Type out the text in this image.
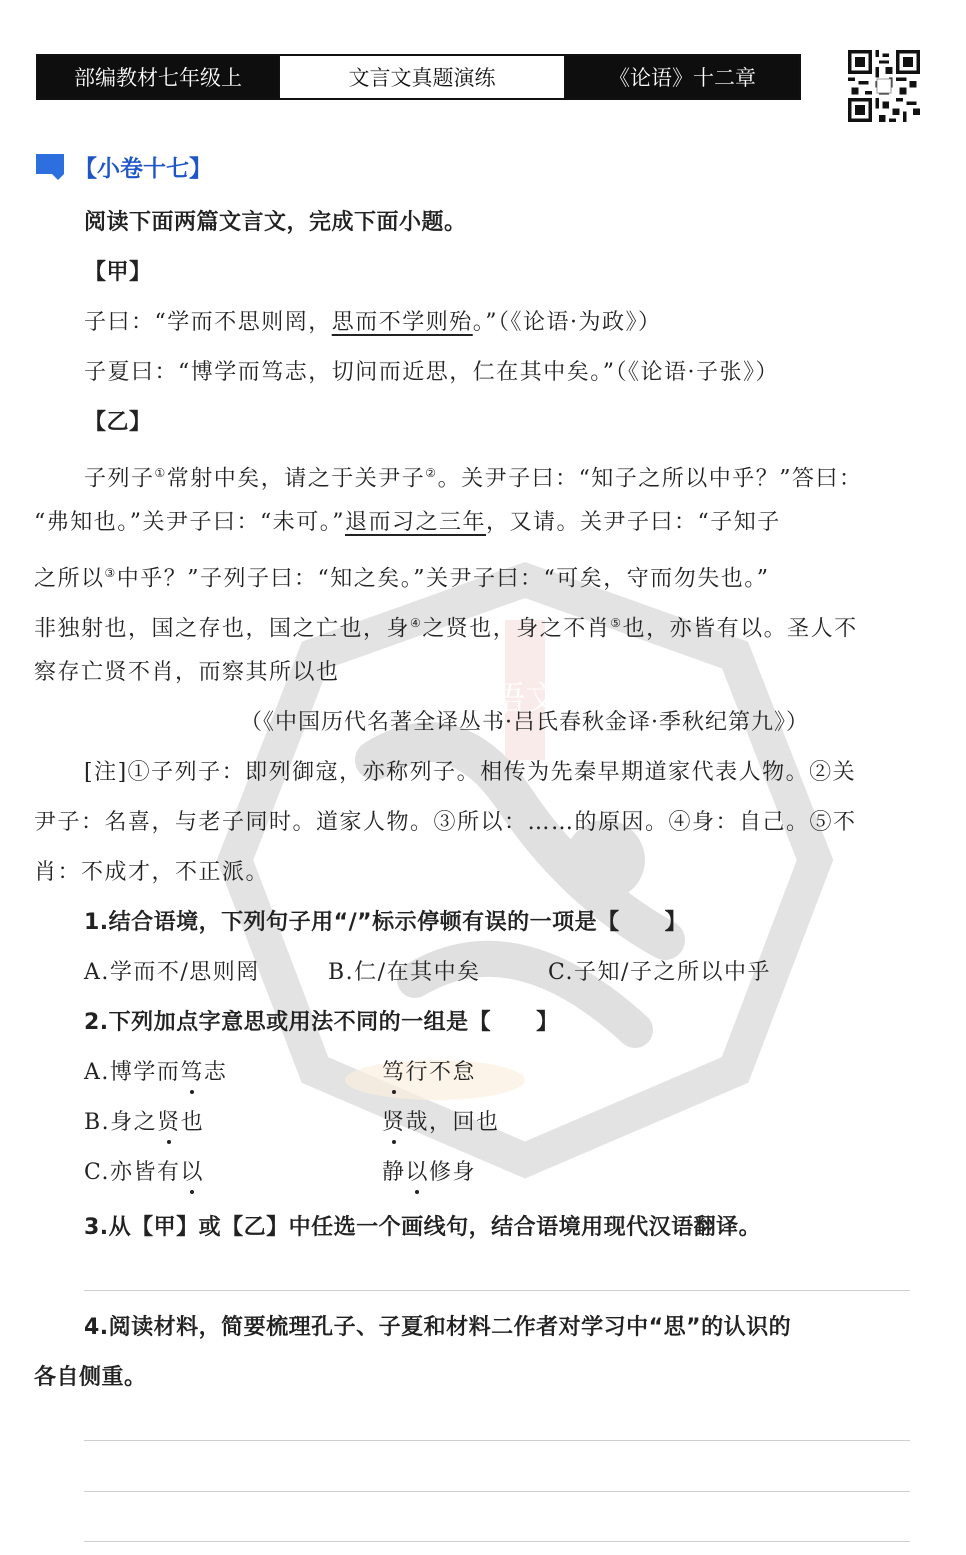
语文
部编教材七年级上	文言文真题演练	《论语》十二章
【小卷十七】
阅读下面两篇文言文，完成下面小题。
【甲】
子曰：“学而不思则罔，思而不学则殆。”（《论语·为政》）
子夏曰：“博学而笃志，切问而近思，仁在其中矣。”（《论语·子张》）
【乙】
子列子①常射中矣，请之于关尹子②。关尹子曰：“知子之所以中乎？”答曰：
“弗知也。”关尹子曰：“未可。”退而习之三年，又请。关尹子曰：“子知子
之所以③中乎？”子列子曰：“知之矣。”关尹子曰：“可矣，守而勿失也。”
非独射也，国之存也，国之亡也，身④之贤也，身之不肖⑤也，亦皆有以。圣人不
察存亡贤不肖，而察其所以也
（《中国历代名著全译丛书·吕氏春秋金译·季秋纪第九》）
[注]①子列子：即列御寇，亦称列子。相传为先秦早期道家代表人物。②关
尹子：名喜，与老子同时。道家人物。③所以：……的原因。④身：自己。⑤不
肖：不成才，不正派。
1.结合语境，下列句子用“/”标示停顿有误的一项是【　　】
A.学而不/思则罔	B.仁/在其中矣	C.子知/子之所以中乎
2.下列加点字意思或用法不同的一组是【　　】
A.博学而笃志	笃行不怠
B.身之贤也	贤哉，回也
C.亦皆有以	静以修身
3.从【甲】或【乙】中任选一个画线句，结合语境用现代汉语翻译。
4.阅读材料，简要梳理孔子、子夏和材料二作者对学习中“思”的认识的
各自侧重。
